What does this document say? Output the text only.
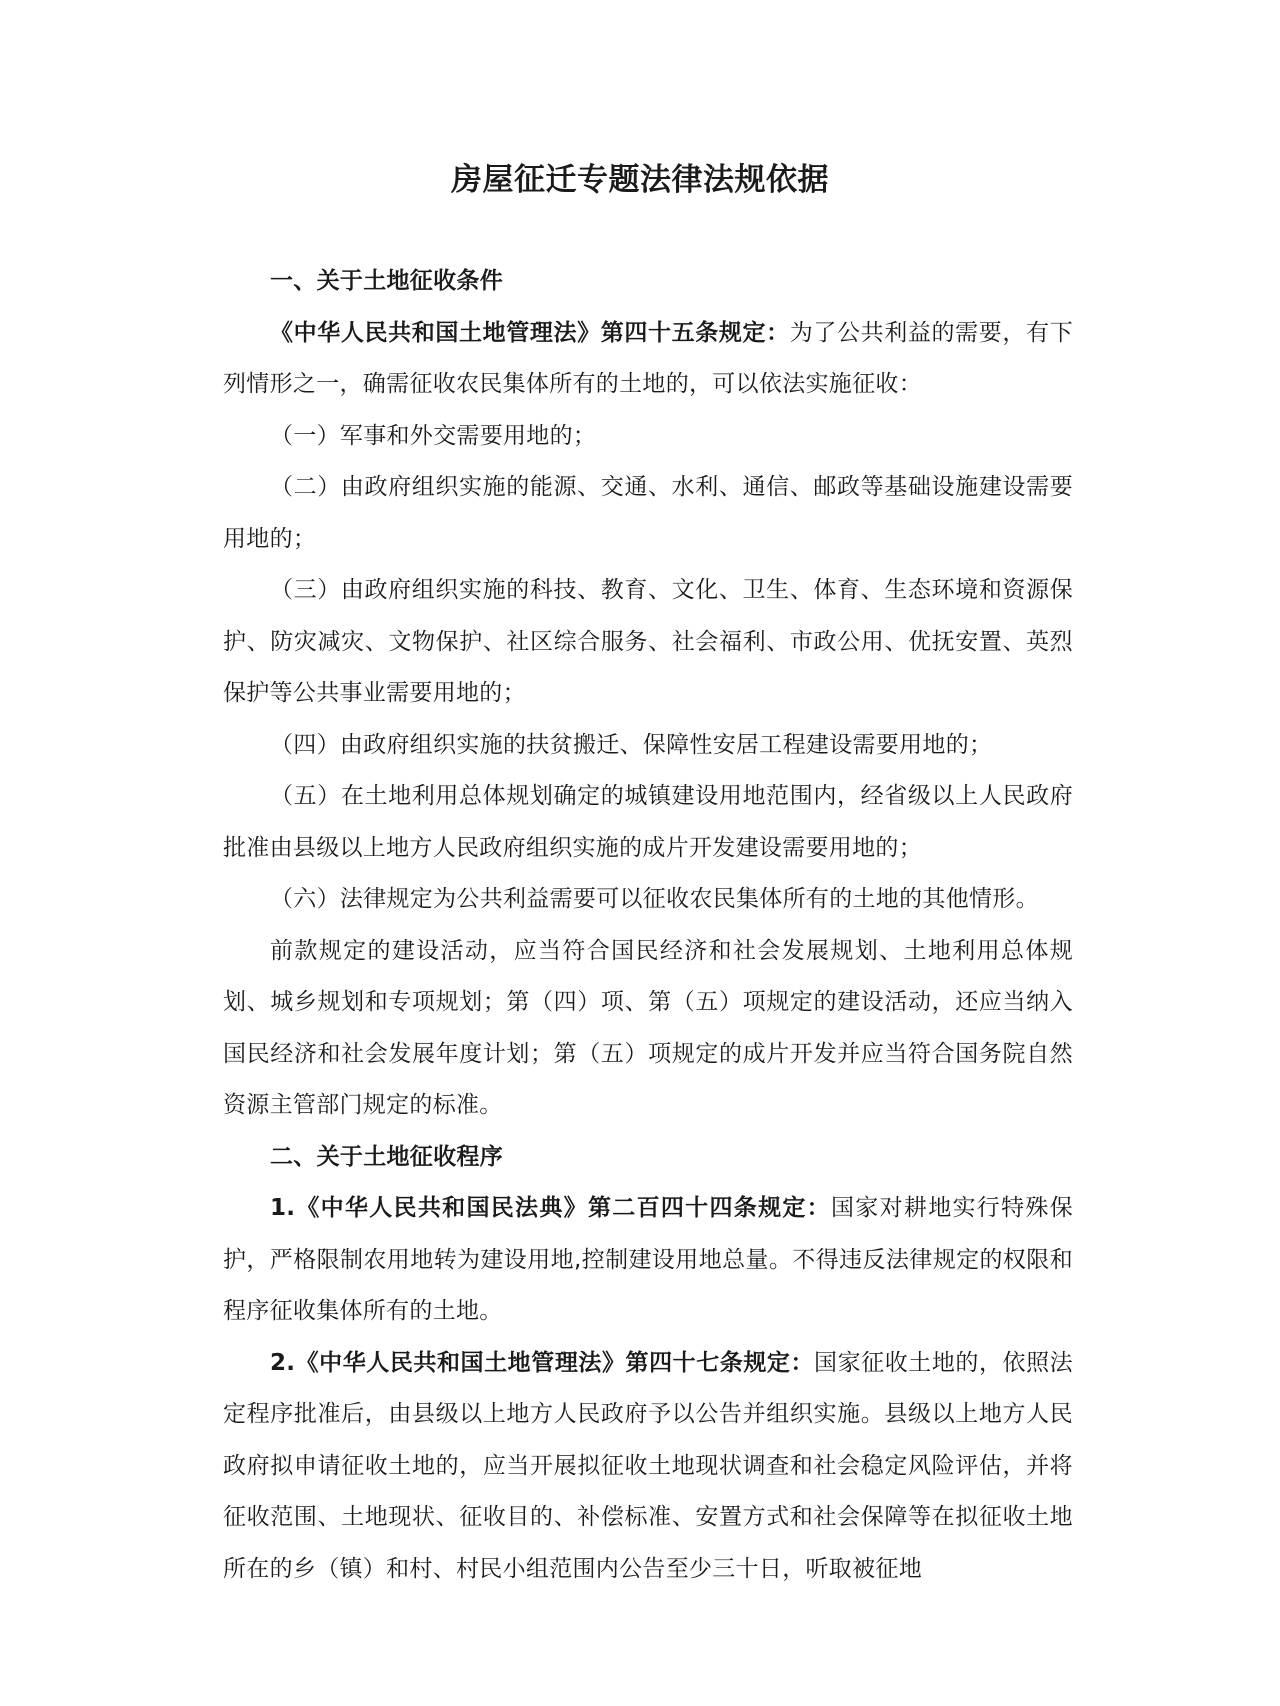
房屋征迁专题法律法规依据

一、关于土地征收条件

《中华人民共和国土地管理法》第四十五条规定：为了公共利益的需要，有下列情形之一，确需征收农民集体所有的土地的，可以依法实施征收：

（一）军事和外交需要用地的；

（二）由政府组织实施的能源、交通、水利、通信、邮政等基础设施建设需要用地的；

（三）由政府组织实施的科技、教育、文化、卫生、体育、生态环境和资源保护、防灾减灾、文物保护、社区综合服务、社会福利、市政公用、优抚安置、英烈保护等公共事业需要用地的；

（四）由政府组织实施的扶贫搬迁、保障性安居工程建设需要用地的；

（五）在土地利用总体规划确定的城镇建设用地范围内，经省级以上人民政府批准由县级以上地方人民政府组织实施的成片开发建设需要用地的；

（六）法律规定为公共利益需要可以征收农民集体所有的土地的其他情形。

前款规定的建设活动，应当符合国民经济和社会发展规划、土地利用总体规划、城乡规划和专项规划；第（四）项、第（五）项规定的建设活动，还应当纳入国民经济和社会发展年度计划；第（五）项规定的成片开发并应当符合国务院自然资源主管部门规定的标准。

二、关于土地征收程序

1.《中华人民共和国民法典》第二百四十四条规定：国家对耕地实行特殊保护，严格限制农用地转为建设用地,控制建设用地总量。不得违反法律规定的权限和程序征收集体所有的土地。

2.《中华人民共和国土地管理法》第四十七条规定：国家征收土地的，依照法定程序批准后，由县级以上地方人民政府予以公告并组织实施。县级以上地方人民政府拟申请征收土地的，应当开展拟征收土地现状调查和社会稳定风险评估，并将征收范围、土地现状、征收目的、补偿标准、安置方式和社会保障等在拟征收土地所在的乡（镇）和村、村民小组范围内公告至少三十日，听取被征地
